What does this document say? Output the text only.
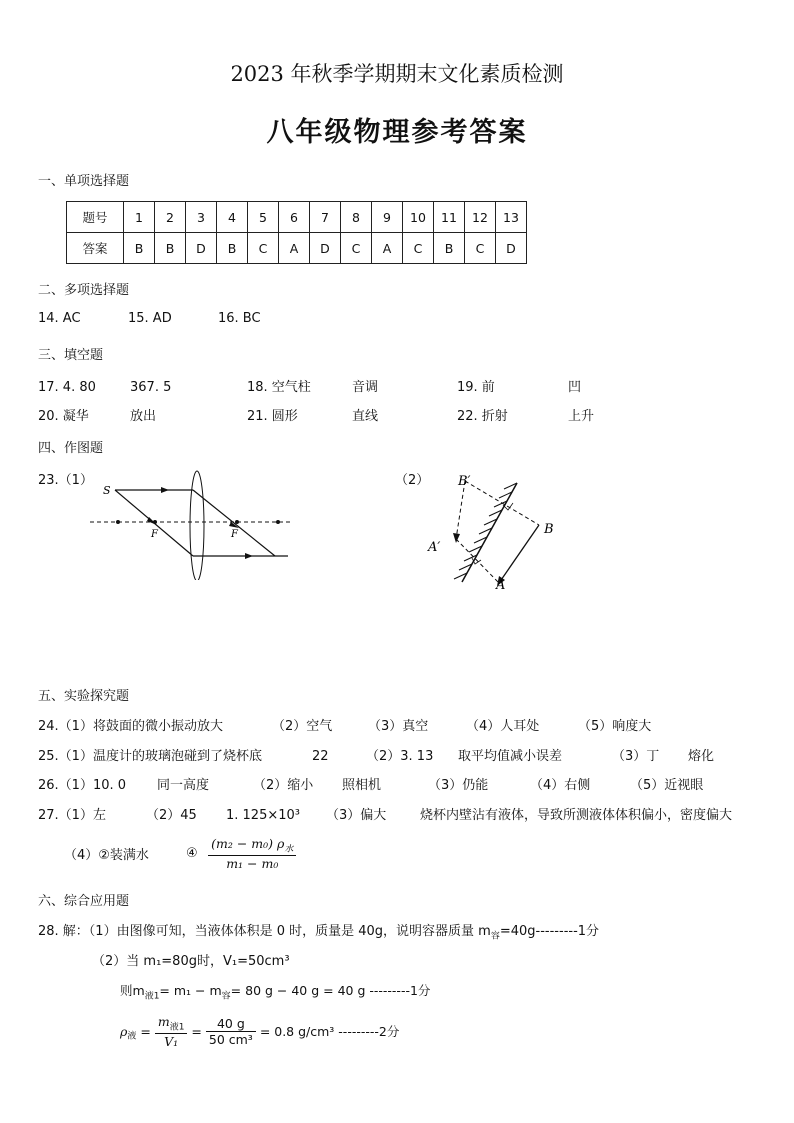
2023 年秋季学期期末文化素质检测
八年级物理参考答案
一、单项选择题
题号	1	2	3	4	5	6	7	8	9	10	11	12	13
答案	B	B	D	B	C	A	D	C	A	C	B	C	D
二、多项选择题
14. AC	15. AD	16. BC
三、填空题
17. 4. 80	367. 5	18. 空气柱	音调	19. 前	凹
20. 凝华	放出	21. 圆形	直线	22. 折射	上升
四、作图题
23.（1）	（2）
S
F	F
B′
A′
B
A
五、实验探究题
24.（1）将鼓面的微小振动放大	（2）空气	（3）真空	（4）人耳处	（5）响度大
25.（1）温度计的玻璃泡碰到了烧杯底	22	（2）3. 13 取平均值减小误差	（3）丁 熔化
26.（1）10. 0 同一高度	（2）缩小 照相机	（3）仍能	（4）右侧	（5）近视眼
27.（1）左	（2）45 1. 125×10³ （3）偏大	烧杯内壁沾有液体，导致所测液体体积偏小，密度偏大
（4）②装满水	④ $\frac{(m_2 - m_0) \rho_水}{\text{m₁ − m₀}}$
六、综合应用题
28. 解：（1）由图像可知，当液体体积是 0 时，质量是 40g，说明容器质量 $m_容=40g---------1$分
（2）当 m₁=80g时，V₁=50cm³
则$m_{液1}= m_1 - m_容= 80$ g − 40 g = 40 g ---------1分
$\rho_液 = \frac{m_{液1}}{\text{V₁}} = \frac{40 g}{\text{50 cm³}} = 0.8$ g/cm³ ---------2分
